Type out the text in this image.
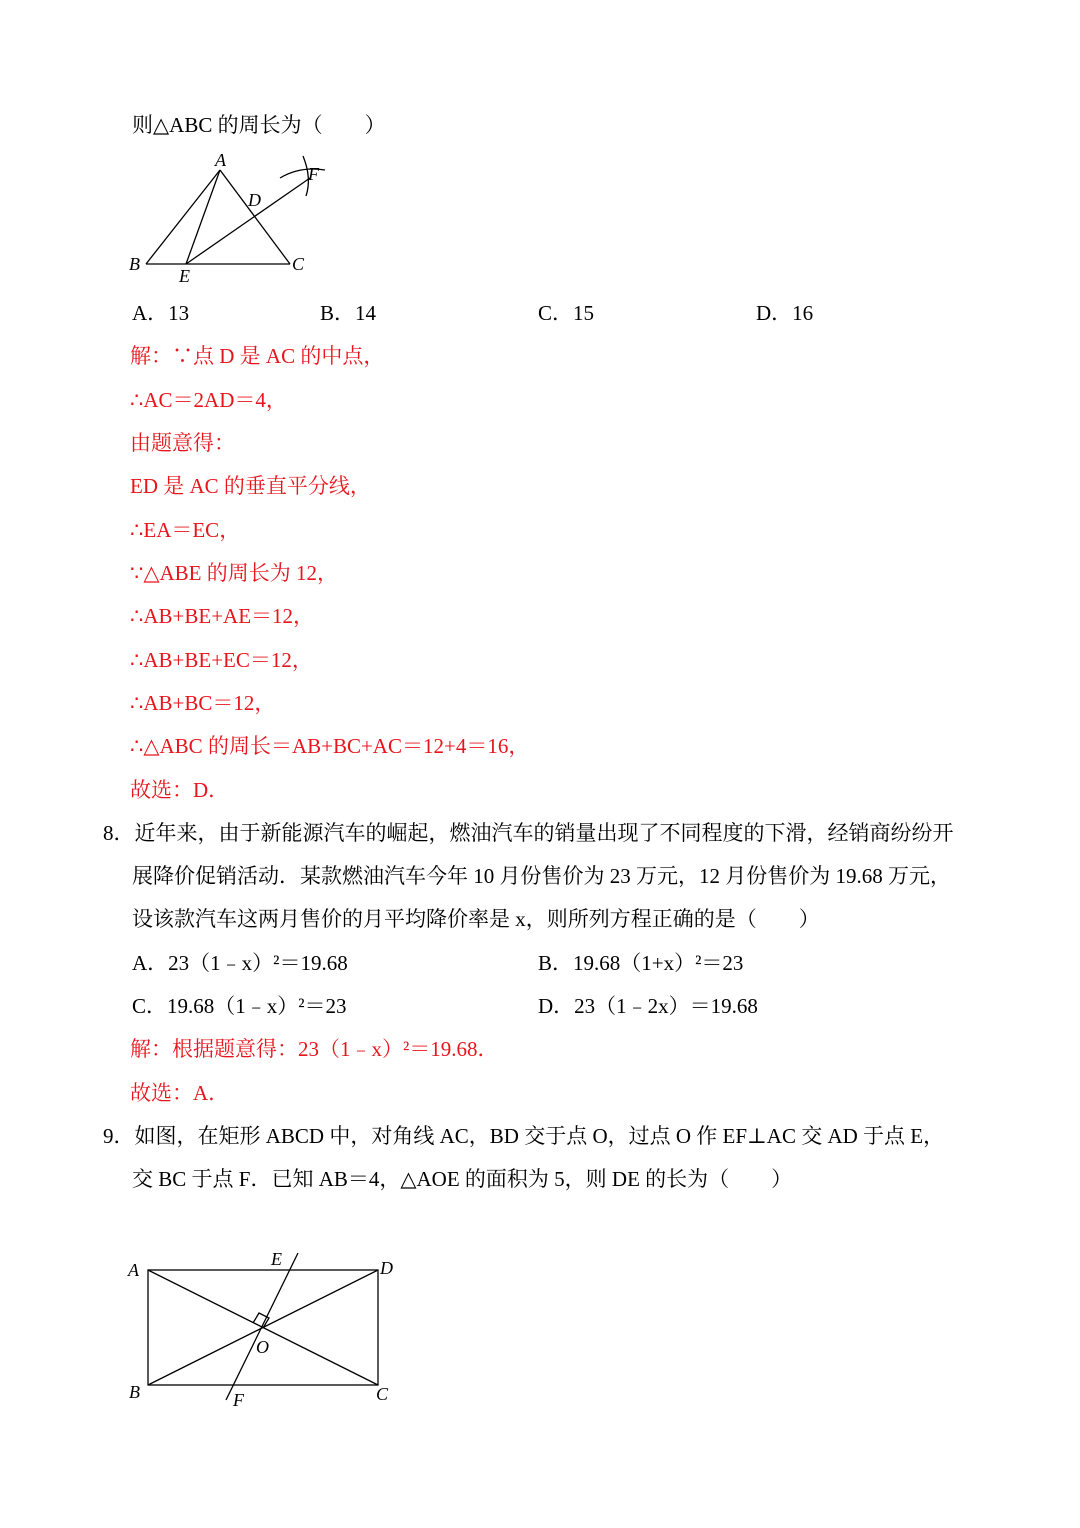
则△ABC 的周长为（　　）
A
B	C
D
E
F
A．13	B．14	C．15	D．16
解：∵点 D 是 AC 的中点，
∴AC＝2AD＝4，
由题意得：
ED 是 AC 的垂直平分线，
∴EA＝EC，
∵△ABE 的周长为 12，
∴AB+BE+AE＝12，
∴AB+BE+EC＝12，
∴AB+BC＝12，
∴△ABC 的周长＝AB+BC+AC＝12+4＝16，
故选：D．
8．近年来，由于新能源汽车的崛起，燃油汽车的销量出现了不同程度的下滑，经销商纷纷开
展降价促销活动．某款燃油汽车今年 10 月份售价为 23 万元，12 月份售价为 19.68 万元，
设该款汽车这两月售价的月平均降价率是 x，则所列方程正确的是（　　）
A．23（1﹣x）²＝19.68	B．19.68（1+x）²＝23
C．19.68（1﹣x）²＝23	D．23（1﹣2x）＝19.68
解：根据题意得：23（1﹣x）²＝19.68．
故选：A．
9．如图，在矩形 ABCD 中，对角线 AC，BD 交于点 O，过点 O 作 EF⊥AC 交 AD 于点 E，
交 BC 于点 F．已知 AB＝4，△AOE 的面积为 5，则 DE 的长为（　　）
A	D
B	C
E
F
O
